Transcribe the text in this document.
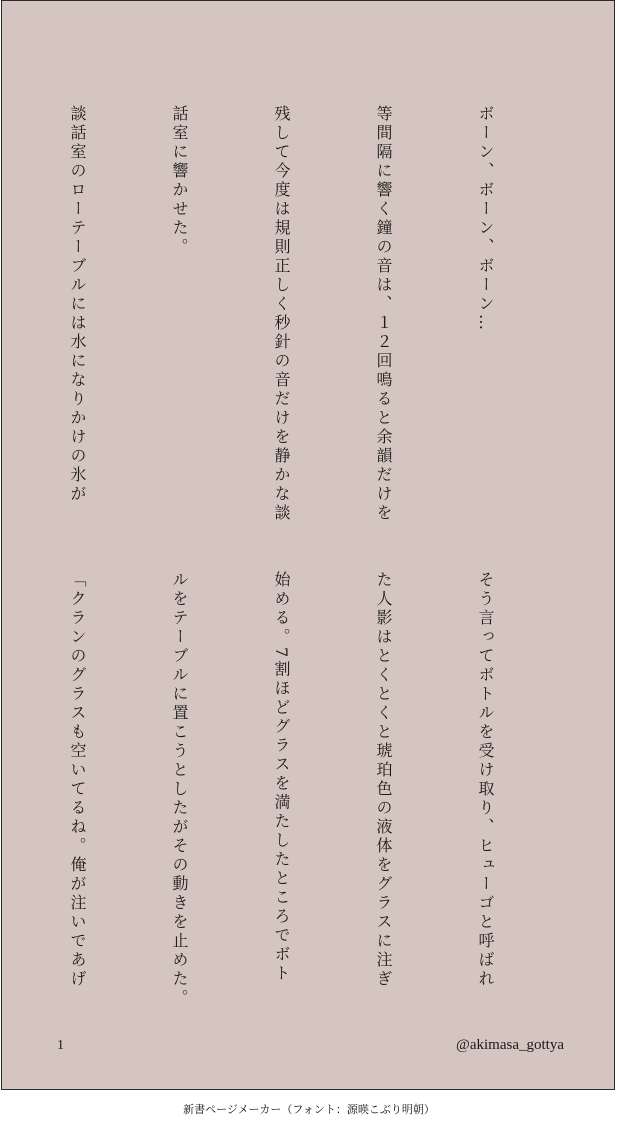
ボーン、ボーン、ボーン…

等間隔に響く鐘の音は、１２回鳴ると余韻だけを

残して今度は規則正しく秒針の音だけを静かな談

話室に響かせた。

談話室のローテーブルには水になりかけの氷が

そう言ってボトルを受け取り、ヒューゴと呼ばれ

た人影はとくとくと琥珀色の液体をグラスに注ぎ

始める。7割ほどグラスを満たしたところでボト

ルをテーブルに置こうとしたがその動きを止めた。

「クランのグラスも空いてるね。俺が注いであげ

1	@akimasa_gottya
新書ページメーカー（フォント：源暎こぶり明朝）
